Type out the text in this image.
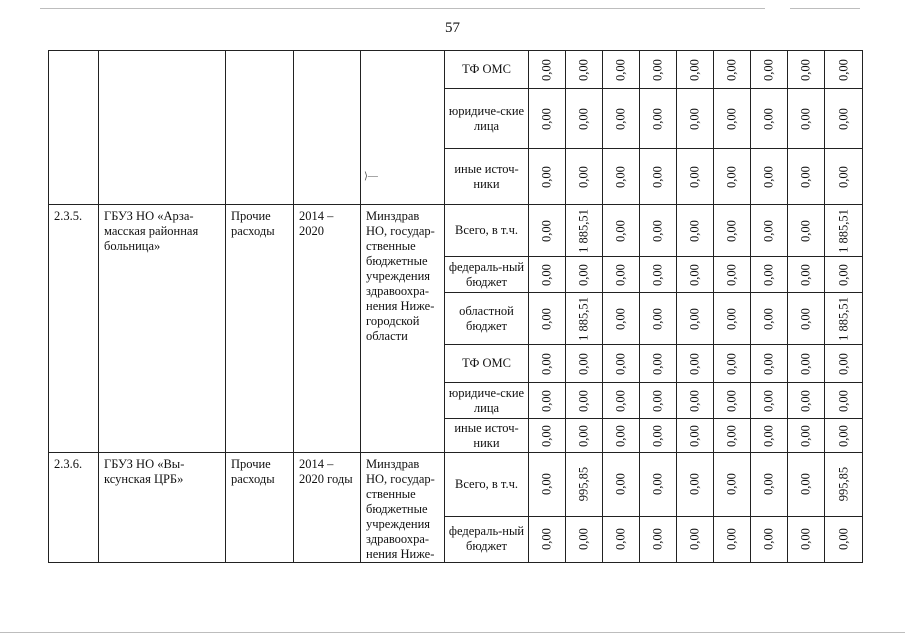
57
					ТФ ОМС	0,00	0,00	0,00	0,00	0,00	0,00	0,00	0,00	0,00

					юридиче-ские лица	0,00	0,00	0,00	0,00	0,00	0,00	0,00	0,00	0,00

					иные источ-ники	0,00	0,00	0,00	0,00	0,00	0,00	0,00	0,00	0,00

2.3.5.	ГБУЗ НО «Арза-масская районная больница»	Прочие расходы	2014 – 2020	Минздрав НО, государ-ственные бюджетные учреждения здравоохра-нения Ниже-городской области	Всего, в т.ч.	0,00	1 885,51	0,00	0,00	0,00	0,00	0,00	0,00	1 885,51

					федераль-ный бюджет	0,00	0,00	0,00	0,00	0,00	0,00	0,00	0,00	0,00

					областной бюджет	0,00	1 885,51	0,00	0,00	0,00	0,00	0,00	0,00	1 885,51

					ТФ ОМС	0,00	0,00	0,00	0,00	0,00	0,00	0,00	0,00	0,00

					юридиче-ские лица	0,00	0,00	0,00	0,00	0,00	0,00	0,00	0,00	0,00

					иные источ-ники	0,00	0,00	0,00	0,00	0,00	0,00	0,00	0,00	0,00

2.3.6.	ГБУЗ НО «Вы-ксунская ЦРБ»	Прочие расходы	2014 – 2020 годы	Минздрав НО, государ-ственные бюджетные учреждения здравоохра-нения Ниже-	Всего, в т.ч.	0,00	995,85	0,00	0,00	0,00	0,00	0,00	0,00	995,85

					федераль-ный бюджет	0,00	0,00	0,00	0,00	0,00	0,00	0,00	0,00	0,00
⟩—
